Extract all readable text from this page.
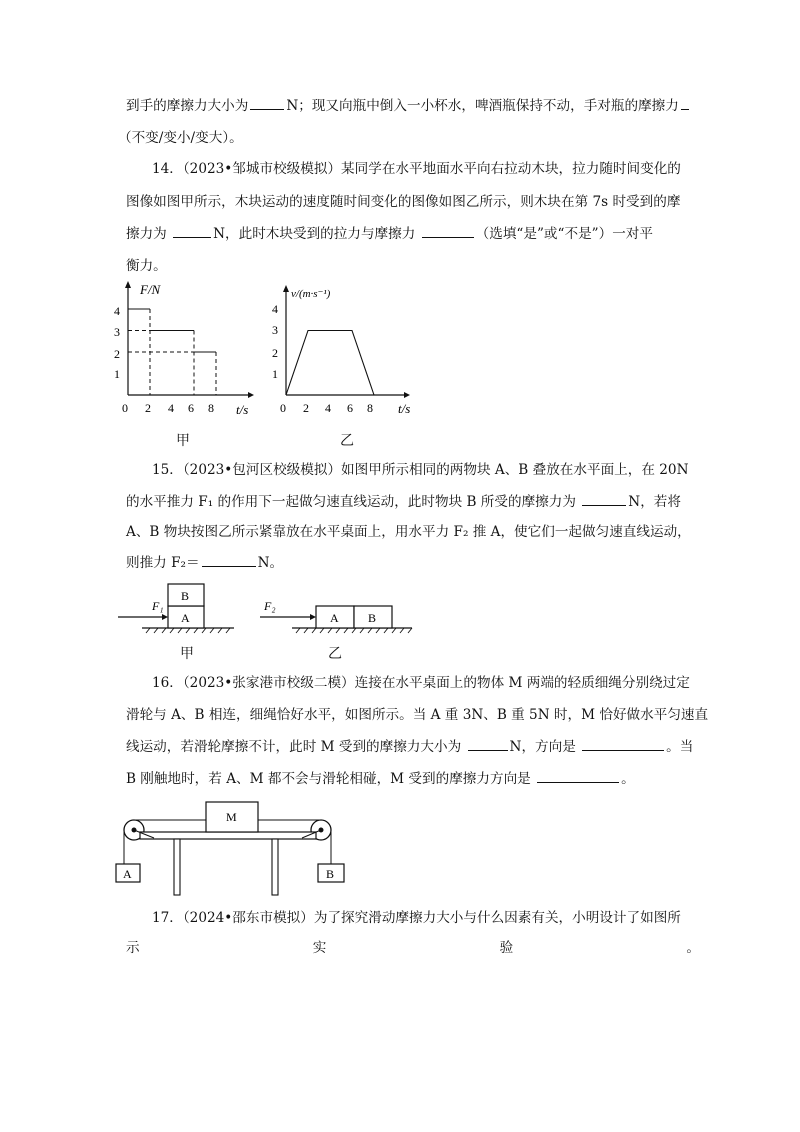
到手的摩擦力大小为	N；现又向瓶中倒入一小杯水，啤酒瓶保持不动，手对瓶的摩擦力
（不变/变小/变大）。
14．（2023•邹城市校级模拟）某同学在水平地面水平向右拉动木块，拉力随时间变化的
图像如图甲所示，木块运动的速度随时间变化的图像如图乙所示，则木块在第 7s 时受到的摩
擦力为	N，此时木块受到的拉力与摩擦力	（选填“是”或“不是”）一对平
衡力。
F/N
t/s
1
2
3
4
0 2 4 6 8
甲
v/(m·s⁻¹)
t/s
1
2
3
4
0 2 4 6 8
乙
15．（2023•包河区校级模拟）如图甲所示相同的两物块 A、B 叠放在水平面上，在 20N
的水平推力 F₁ 的作用下一起做匀速直线运动，此时物块 B 所受的摩擦力为	N，若将
A、B 物块按图乙所示紧靠放在水平桌面上，用水平力 F₂ 推 A，使它们一起做匀速直线运动，
则推力 F₂＝	N。
A
B
F₁
A B
F₂
甲	乙
16．（2023•张家港市校级二模）连接在水平桌面上的物体 M 两端的轻质细绳分别绕过定
滑轮与 A、B 相连，细绳恰好水平，如图所示。当 A 重 3N、B 重 5N 时，M 恰好做水平匀速直
线运动，若滑轮摩擦不计，此时 M 受到的摩擦力大小为	N，方向是	。当
B 刚触地时，若 A、M 都不会与滑轮相碰，M 受到的摩擦力方向是	。
M
A	B
17．（2024•邵东市模拟）为了探究滑动摩擦力大小与什么因素有关，小明设计了如图所
示	实	验	。
